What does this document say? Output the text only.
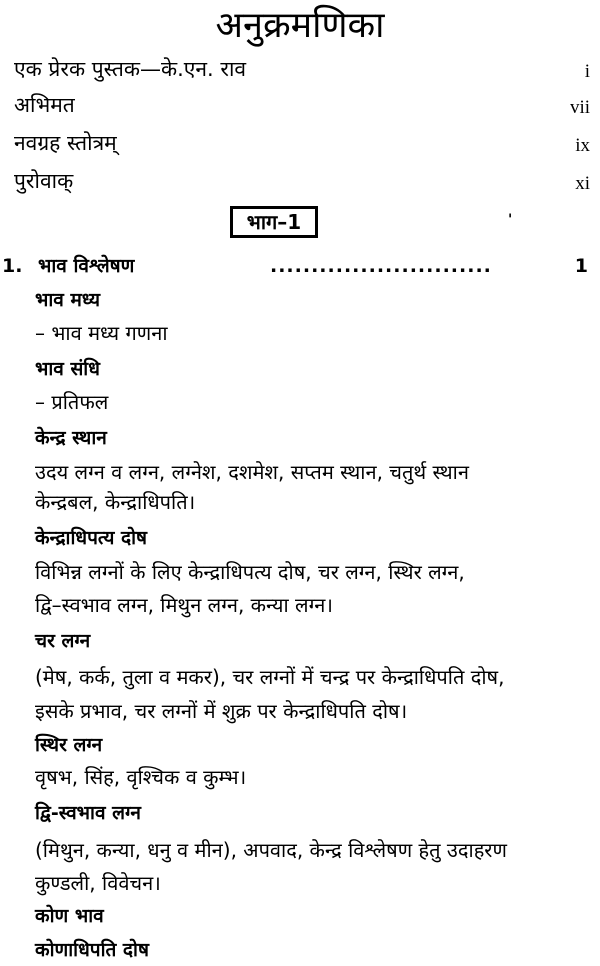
अनुक्रमणिका
एक प्रेरक पुस्तक—के.एन. राव	i
अभिमत	vii
नवग्रह स्तोत्रम्	ix
पुरोवाक्	xi
भाग–1	'
1. भाव विश्लेषण	...........................	1
भाव मध्य
– भाव मध्य गणना
भाव संधि
– प्रतिफल
केन्द्र स्थान
उदय लग्न व लग्न, लग्नेश, दशमेश, सप्तम स्थान, चतुर्थ स्थान
केन्द्रबल, केन्द्राधिपति।
केन्द्राधिपत्य दोष
विभिन्न लग्नों के लिए केन्द्राधिपत्य दोष, चर लग्न, स्थिर लग्न,
द्वि–स्वभाव लग्न, मिथुन लग्न, कन्या लग्न।
चर लग्न
(मेष, कर्क, तुला व मकर), चर लग्नों में चन्द्र पर केन्द्राधिपति दोष,
इसके प्रभाव, चर लग्नों में शुक्र पर केन्द्राधिपति दोष।
स्थिर लग्न
वृषभ, सिंह, वृश्चिक व कुम्भ।
द्वि-स्वभाव लग्न
(मिथुन, कन्या, धनु व मीन), अपवाद, केन्द्र विश्लेषण हेतु उदाहरण
कुण्डली, विवेचन।
कोण भाव
कोणाधिपति दोष
